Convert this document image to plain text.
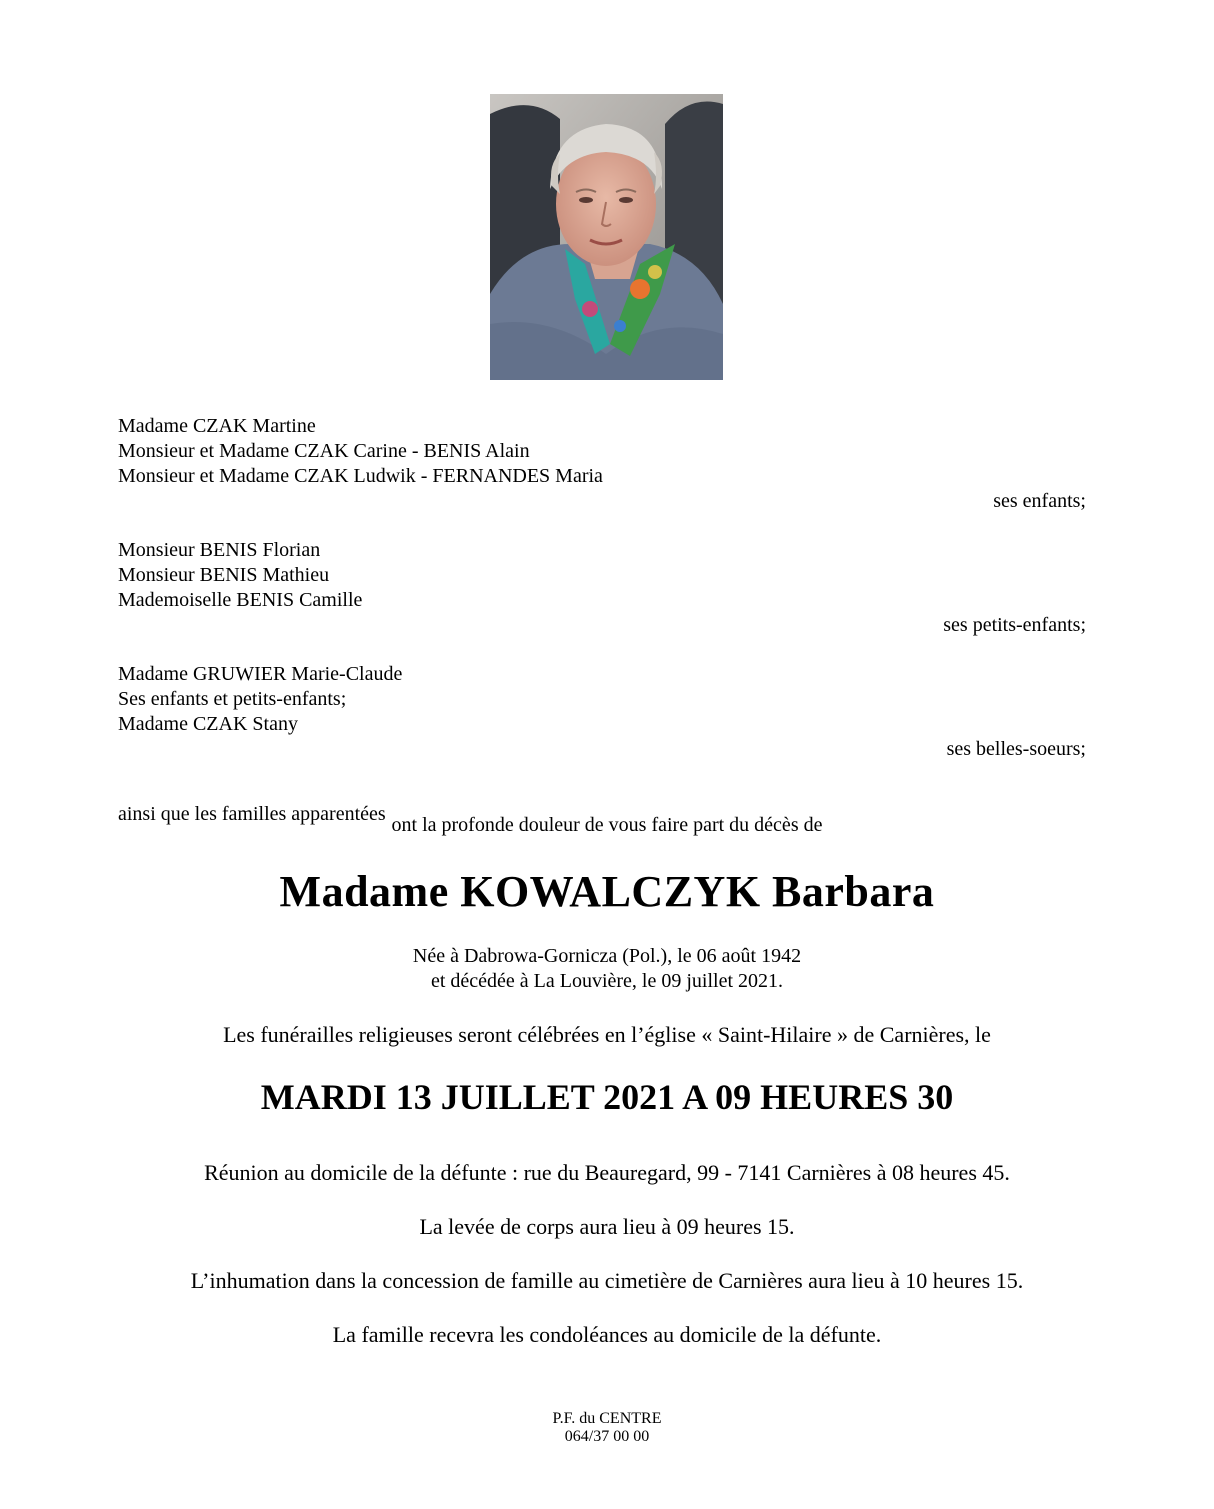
Madame CZAK Martine
Monsieur et Madame CZAK Carine - BENIS Alain
Monsieur et Madame CZAK Ludwik - FERNANDES Maria
ses enfants;
Monsieur BENIS Florian
Monsieur BENIS Mathieu
Mademoiselle BENIS Camille
ses petits-enfants;
Madame GRUWIER Marie-Claude
Ses enfants et petits-enfants;
Madame CZAK Stany
ses belles-soeurs;
ainsi que les familles apparentées ont la profonde douleur de vous faire part du décès de
Madame KOWALCZYK Barbara
Née à Dabrowa-Gornicza (Pol.), le 06 août 1942
et décédée à La Louvière, le 09 juillet 2021.
Les funérailles religieuses seront célébrées en l’église « Saint-Hilaire » de Carnières, le
MARDI 13 JUILLET 2021 A 09 HEURES 30
Réunion au domicile de la défunte : rue du Beauregard, 99 - 7141 Carnières à 08 heures 45.
La levée de corps aura lieu à 09 heures 15.
L’inhumation dans la concession de famille au cimetière de Carnières aura lieu à 10 heures 15.
La famille recevra les condoléances au domicile de la défunte.
P.F. du CENTRE
064/37 00 00
